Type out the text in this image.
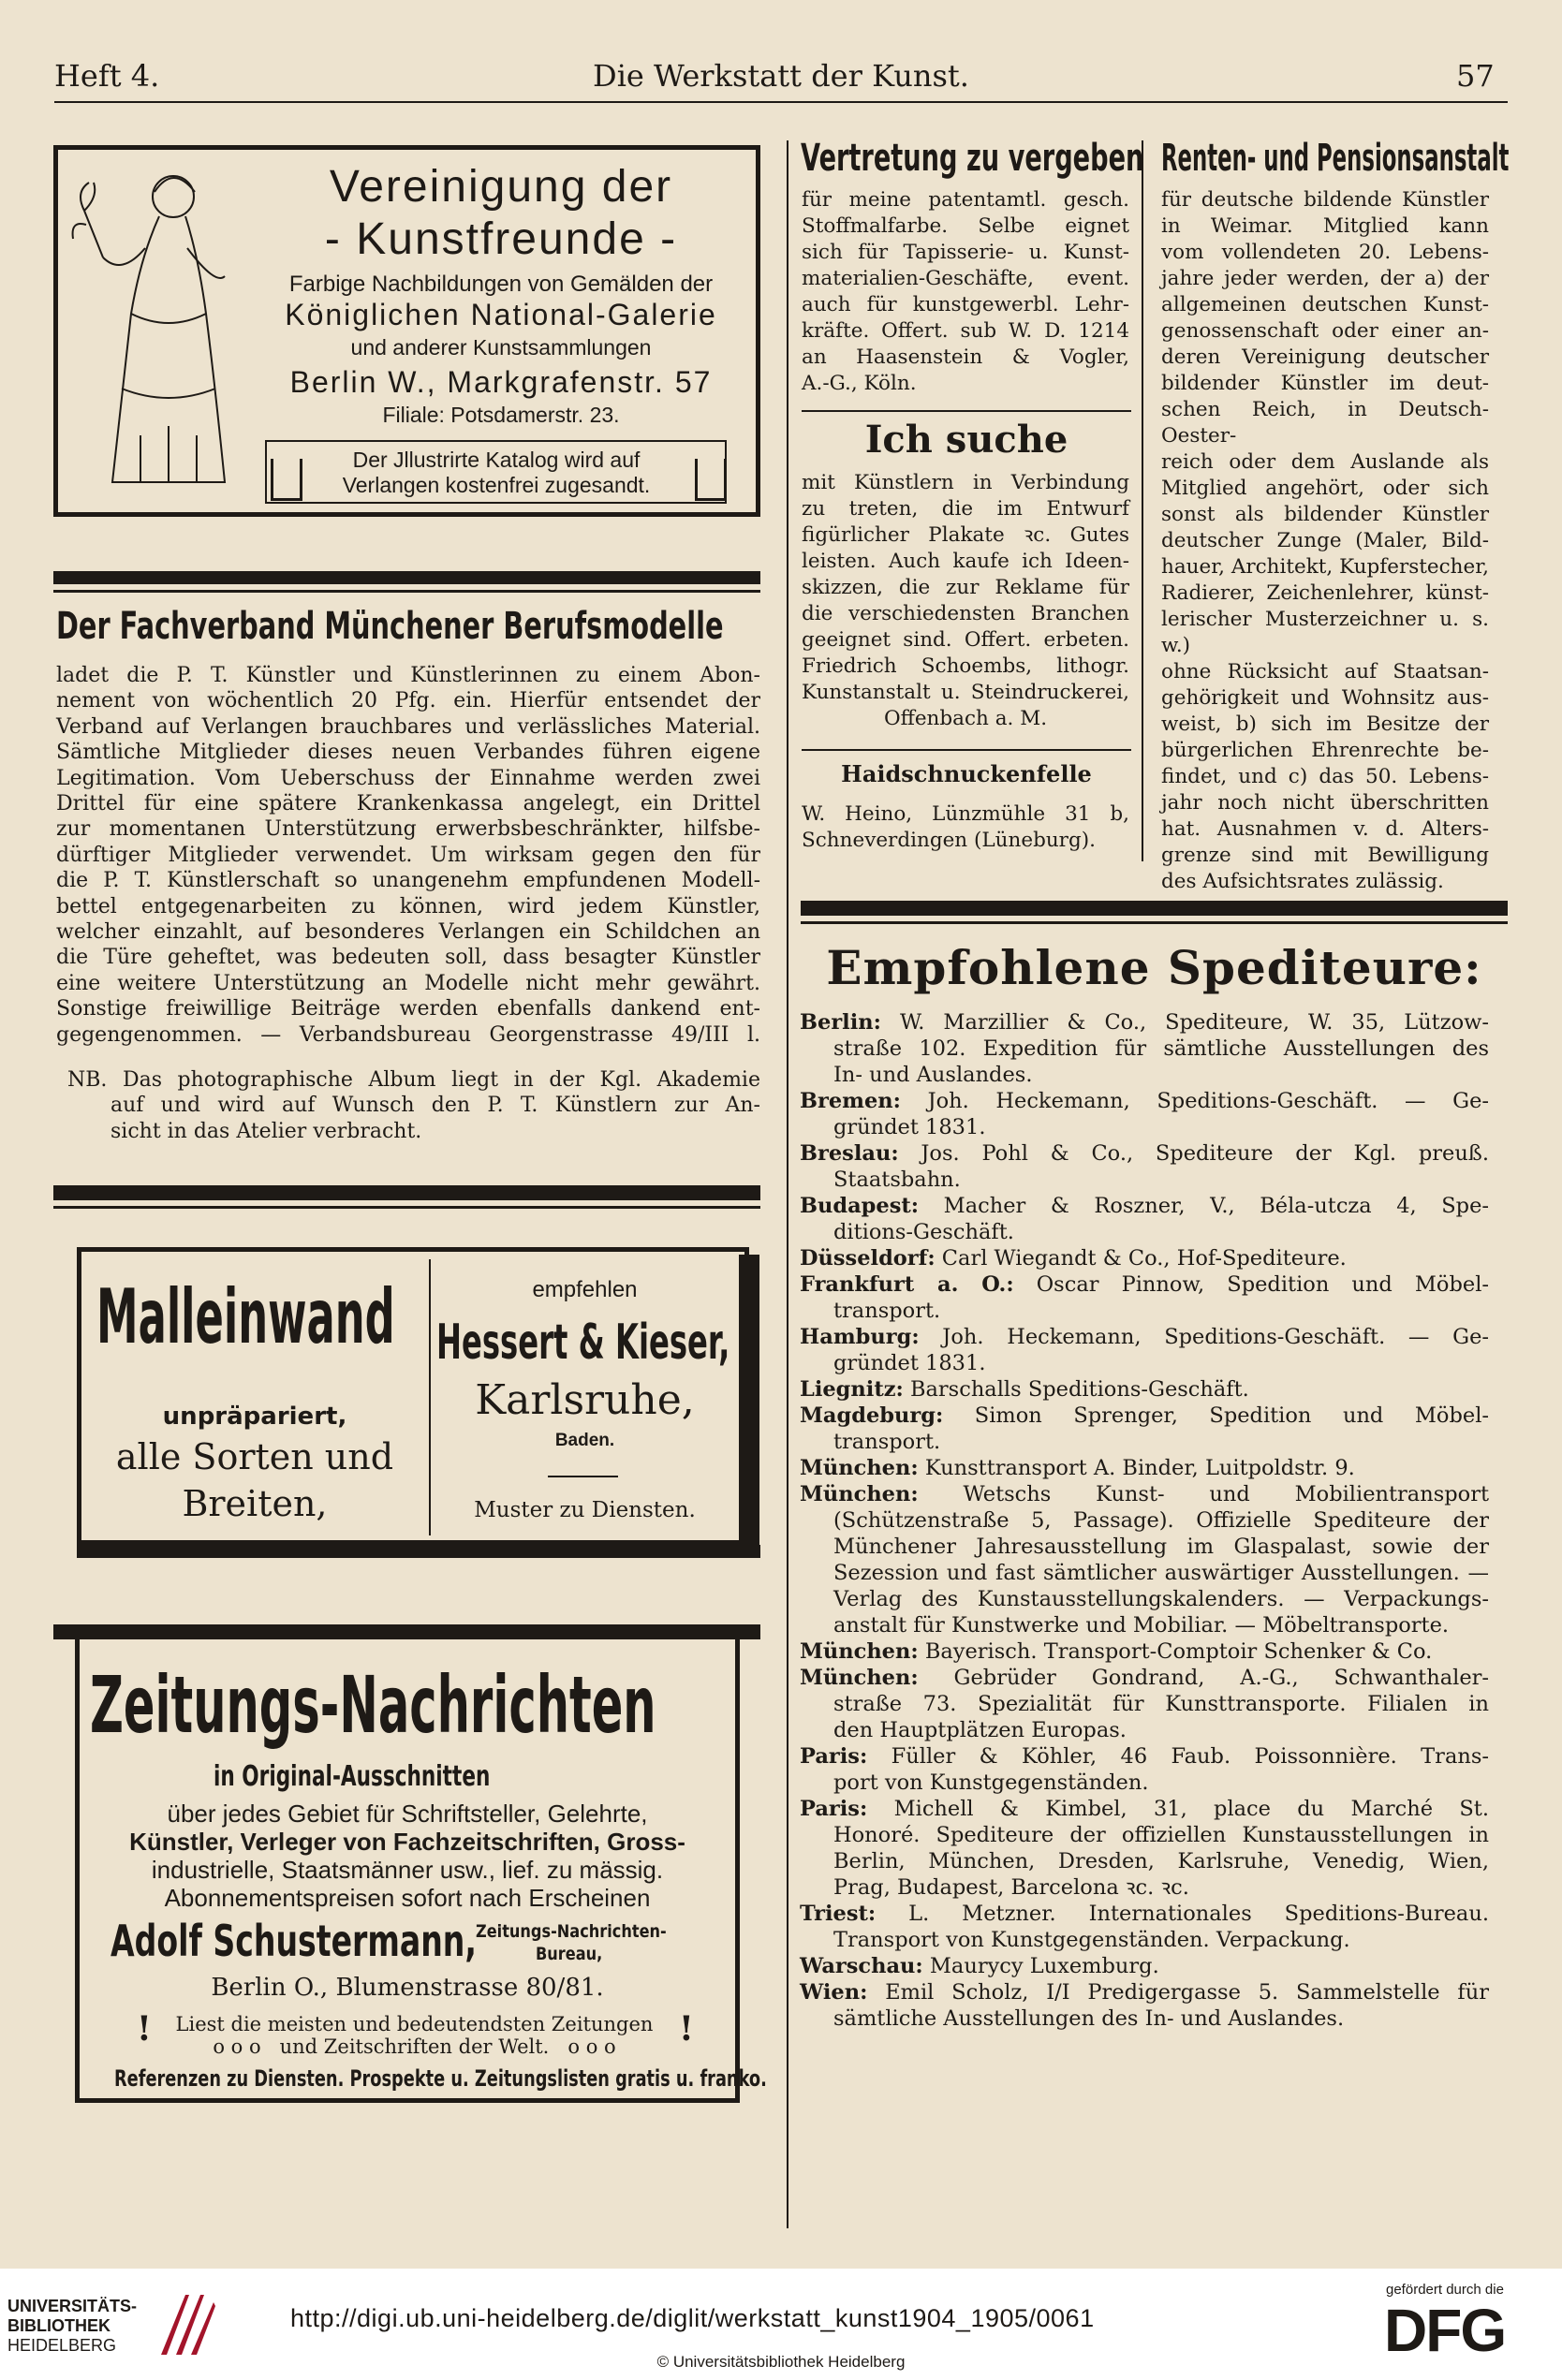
Heft 4.	Die Werkstatt der Kunst.	57
Vereinigung der
- Kunstfreunde -
Farbige Nachbildungen von Gemälden der
Königlichen National-Galerie
und anderer Kunstsammlungen
Berlin W., Markgrafenstr. 57
Filiale: Potsdamerstr. 23.
Der Jllustrirte Katalog wird auf
Verlangen kostenfrei zugesandt.
Der Fachverband Münchener Berufsmodelle

ladet die P. T. Künstler und Künstlerinnen zu einem Abon-

nement von wöchentlich 20 Pfg. ein. Hierfür entsendet der

Verband auf Verlangen brauchbares und verlässliches Material.

Sämtliche Mitglieder dieses neuen Verbandes führen eigene

Legitimation. Vom Ueberschuss der Einnahme werden zwei

Drittel für eine spätere Krankenkassa angelegt, ein Drittel

zur momentanen Unterstützung erwerbsbeschränkter, hilfsbe-

dürftiger Mitglieder verwendet. Um wirksam gegen den für

die P. T. Künstlerschaft so unangenehm empfundenen Modell-

bettel entgegenarbeiten zu können, wird jedem Künstler,

welcher einzahlt, auf besonderes Verlangen ein Schildchen an

die Türe geheftet, was bedeuten soll, dass besagter Künstler

eine weitere Unterstützung an Modelle nicht mehr gewährt.

Sonstige freiwillige Beiträge werden ebenfalls dankend ent-

gegengenommen. — Verbandsbureau Georgenstrasse 49/III l.

NB. Das photographische Album liegt in der Kgl. Akademie

auf und wird auf Wunsch den P. T. Künstlern zur An-

sicht in das Atelier verbracht.

Malleinwand
unpräpariert,
alle Sorten und
Breiten,
empfehlen
Hessert & Kieser,
Karlsruhe,
Baden.
Muster zu Diensten.
Zeitungs-Nachrichten
in Original-Ausschnitten
über jedes Gebiet für Schriftsteller, Gelehrte,
Künstler, Verleger von Fachzeitschriften, Gross-
industrielle, Staatsmänner usw., lief. zu mässig.
Abonnementspreisen sofort nach Erscheinen
Adolf Schustermann, Zeitungs-Nachrichten-
Bureau,
Berlin O., Blumenstrasse 80/81.
!	!
Liest die meisten und bedeutendsten Zeitungen
o o o   und Zeitschriften der Welt.   o o o
Referenzen zu Diensten. Prospekte u. Zeitungslisten gratis u. franko.
Vertretung zu vergeben

für meine patentamtl. gesch.

Stoffmalfarbe. Selbe eignet

sich für Tapisserie- u. Kunst-

materialien-Geschäfte, event.

auch für kunstgewerbl. Lehr-

kräfte. Offert. sub W. D. 1214

an Haasenstein & Vogler,

A.-G., Köln.

Ich suche

mit Künstlern in Verbindung

zu treten, die im Entwurf

figürlicher Plakate ꝛc. Gutes

leisten. Auch kaufe ich Ideen-

skizzen, die zur Reklame für

die verschiedensten Branchen

geeignet sind. Offert. erbeten.

Friedrich Schoembs, lithogr.

Kunstanstalt u. Steindruckerei,

Offenbach a. M.

Haidschnuckenfelle

W. Heino, Lünzmühle 31 b,

Schneverdingen (Lüneburg).

Renten- und Pensionsanstalt

für deutsche bildende Künstler

in Weimar. Mitglied kann

vom vollendeten 20. Lebens-

jahre jeder werden, der a) der

allgemeinen deutschen Kunst-

genossenschaft oder einer an-

deren Vereinigung deutscher

bildender Künstler im deut-

schen Reich, in Deutsch-Oester-

reich oder dem Auslande als

Mitglied angehört, oder sich

sonst als bildender Künstler

deutscher Zunge (Maler, Bild-

hauer, Architekt, Kupferstecher,

Radierer, Zeichenlehrer, künst-

lerischer Musterzeichner u. s. w.)

ohne Rücksicht auf Staatsan-

gehörigkeit und Wohnsitz aus-

weist, b) sich im Besitze der

bürgerlichen Ehrenrechte be-

findet, und c) das 50. Lebens-

jahr noch nicht überschritten

hat. Ausnahmen v. d. Alters-

grenze sind mit Bewilligung

des Aufsichtsrates zulässig.

Empfohlene Spediteure:

Berlin: W. Marzillier & Co., Spediteure, W. 35, Lützow-

straße 102. Expedition für sämtliche Ausstellungen des

In- und Auslandes.

Bremen: Joh. Heckemann, Speditions-Geschäft. — Ge-

gründet 1831.

Breslau: Jos. Pohl & Co., Spediteure der Kgl. preuß.

Staatsbahn.

Budapest: Macher & Roszner, V., Béla-utcza 4, Spe-

ditions-Geschäft.

Düsseldorf: Carl Wiegandt & Co., Hof-Spediteure.

Frankfurt a. O.: Oscar Pinnow, Spedition und Möbel-

transport.

Hamburg: Joh. Heckemann, Speditions-Geschäft. — Ge-

gründet 1831.

Liegnitz: Barschalls Speditions-Geschäft.

Magdeburg: Simon Sprenger, Spedition und Möbel-

transport.

München: Kunsttransport A. Binder, Luitpoldstr. 9.

München: Wetschs Kunst- und Mobilientransport

(Schützenstraße 5, Passage). Offizielle Spediteure der

Münchener Jahresausstellung im Glaspalast, sowie der

Sezession und fast sämtlicher auswärtiger Ausstellungen. —

Verlag des Kunstausstellungskalenders. — Verpackungs-

anstalt für Kunstwerke und Mobiliar. — Möbeltransporte.

München: Bayerisch. Transport-Comptoir Schenker & Co.

München: Gebrüder Gondrand, A.-G., Schwanthaler-

straße 73. Spezialität für Kunsttransporte. Filialen in

den Hauptplätzen Europas.

Paris: Füller & Köhler, 46 Faub. Poissonnière. Trans-

port von Kunstgegenständen.

Paris: Michell & Kimbel, 31, place du Marché St.

Honoré. Spediteure der offiziellen Kunstausstellungen in

Berlin, München, Dresden, Karlsruhe, Venedig, Wien,

Prag, Budapest, Barcelona ꝛc. ꝛc.

Triest: L. Metzner. Internationales Speditions-Bureau.

Transport von Kunstgegenständen. Verpackung.

Warschau: Maurycy Luxemburg.

Wien: Emil Scholz, I/I Predigergasse 5. Sammelstelle für

sämtliche Ausstellungen des In- und Auslandes.

UNIVERSITÄTS-
BIBLIOTHEK
HEIDELBERG
http://digi.ub.uni-heidelberg.de/diglit/werkstatt_kunst1904_1905/0061
© Universitätsbibliothek Heidelberg
gefördert durch die
DFG
